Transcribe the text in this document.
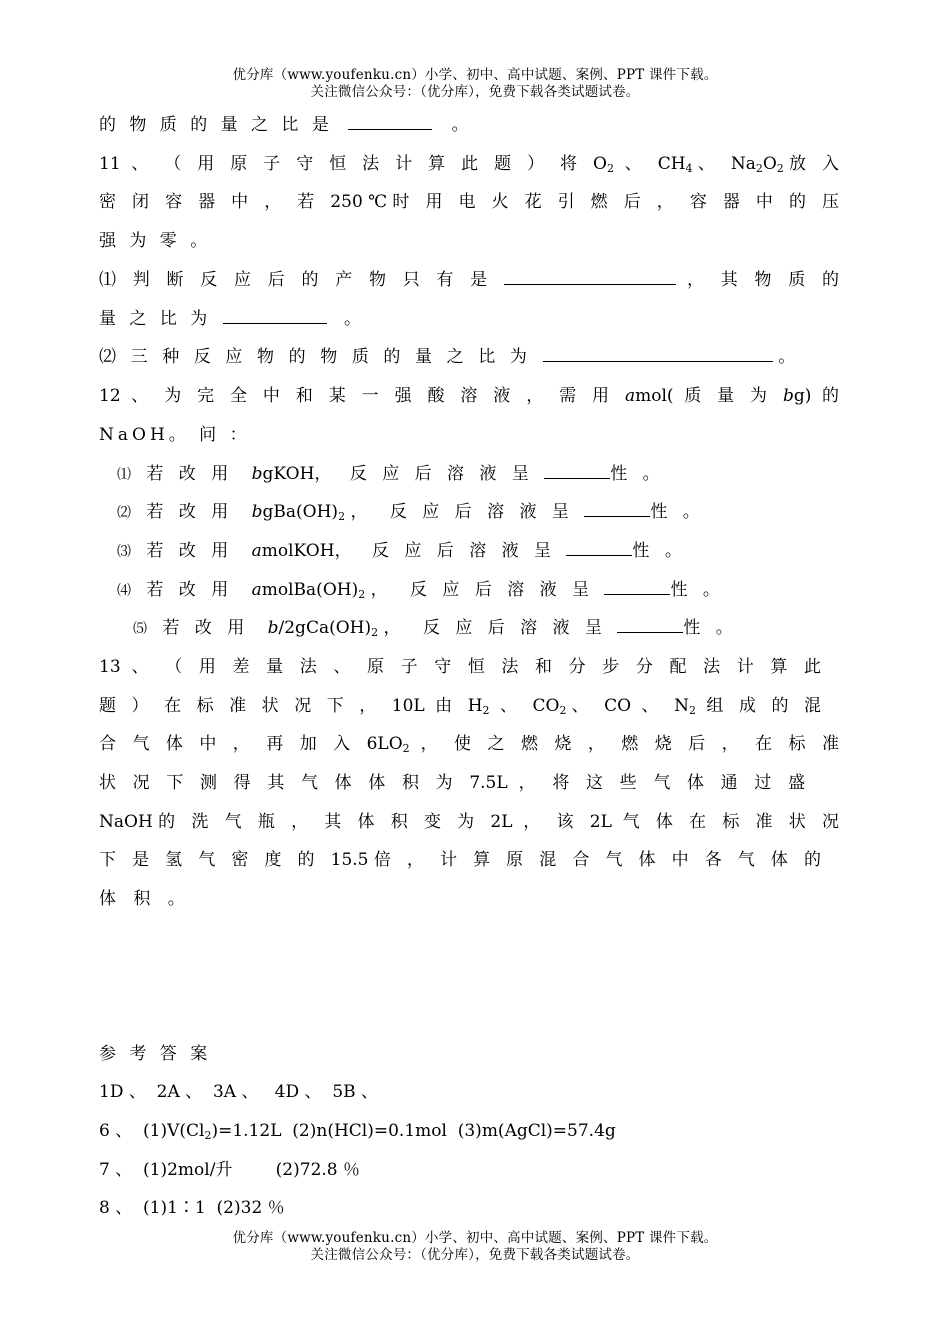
优分库（www.youfenku.cn）小学、初中、高中试题、案例、PPT 课件下载。
关注微信公众号：（优分库），免费下载各类试题试卷。
的 物 质 的 量 之 比 是	。
11 、 （ 用 原 子 守 恒 法 计 算 此 题 ） 将 $O_2$ 、 $CH_4$、 $Na_2O_2$放 入
密 闭 容 器 中 ， 若 250℃时 用 电 火 花 引 燃 后 ， 容 器 中 的 压
强 为 零 。
⑴ 判 断 反 应 后 的 产 物 只 有 是	， 其 物 质 的
量 之 比 为	。
⑵ 三 种 反 应 物 的 物 质 的 量 之 比 为	。
12 、 为 完 全 中 和 某 一 强 酸 溶 液 ， 需 用 amol( 质 量 为 bg) 的
NaOH。 问 ：
⑴ 若 改 用 bgKOH， 反 应 后 溶 液 呈	性 。
⑵ 若 改 用 $bgBa(OH)_2$ ， 反 应 后 溶 液 呈	性 。
⑶ 若 改 用 amolKOH， 反 应 后 溶 液 呈	性 。
⑷ 若 改 用 $amolBa(OH)_2$ ， 反 应 后 溶 液 呈	性 。
⑸ 若 改 用 $b/2gCa(OH)_2$ ， 反 应 后 溶 液 呈	性 。
13 、 （ 用 差 量 法 、 原 子 守 恒 法 和 分 步 分 配 法 计 算 此
题 ） 在 标 准 状 况 下 ， 10L 由 $H_2$ 、 $CO_2$、 CO 、 $N_2$ 组 成 的 混
合 气 体 中 ， 再 加 入 $6LO_2$ ， 使 之 燃 烧 ， 燃 烧 后 ， 在 标 准
状 况 下 测 得 其 气 体 体 积 为 7.5L ， 将 这 些 气 体 通 过 盛
NaOH的 洗 气 瓶 ， 其 体 积 变 为 2L ， 该 2L 气 体 在 标 准 状 况
下 是 氢 气 密 度 的 15.5倍 ， 计 算 原 混 合 气 体 中 各 气 体 的
体 积 。
参 考 答 案
1D 、  2A 、  3A 、   4D 、  5B 、
6 、  $(1)V(Cl_2)=1.12L$  (2)n(HCl)=0.1mol  (3)m(AgCl)=57.4g
7 、  (1)2mol/升        (2)72.8 ％
8 、  (1)1∶1  (2)32 ％
优分库（www.youfenku.cn）小学、初中、高中试题、案例、PPT 课件下载。
关注微信公众号：（优分库），免费下载各类试题试卷。
